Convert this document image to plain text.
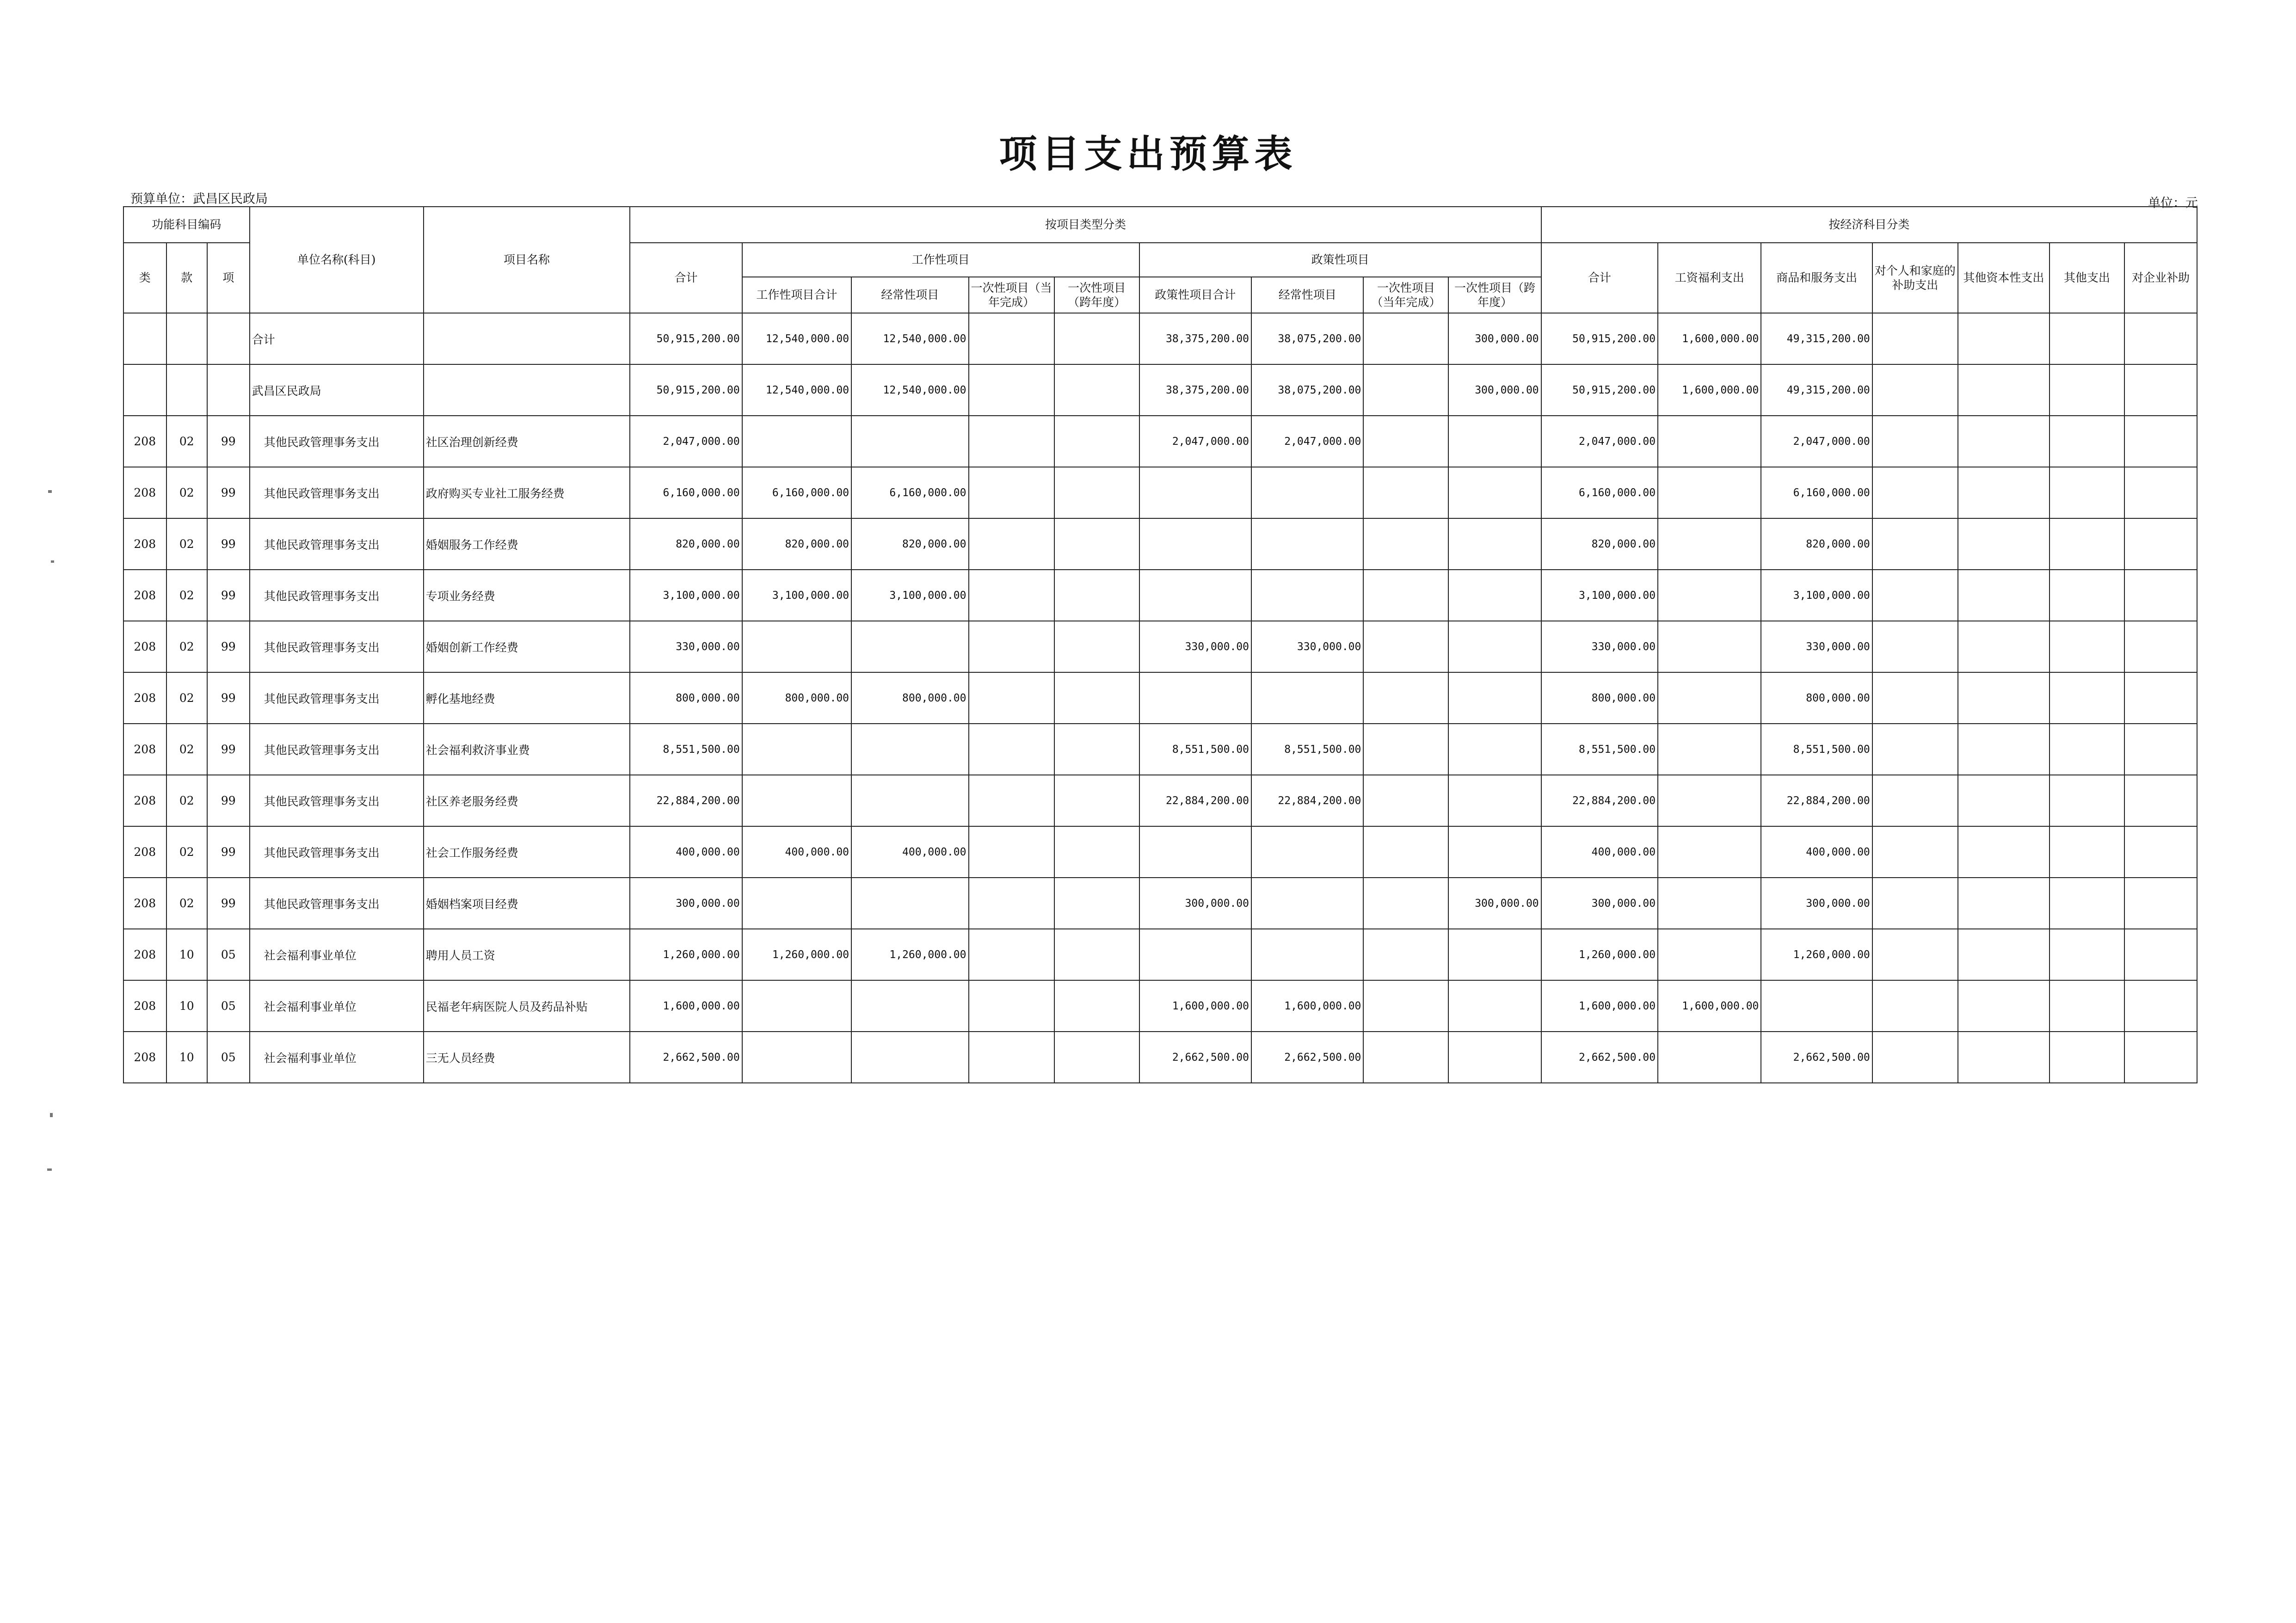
项目支出预算表
预算单位：武昌区民政局	单位：元
功能科目编码			单位名称(科目)	项目名称	按项目类型分类									按经济科目分类						
类	款	项			合计	工作性项目				政策性项目				合计	工资福利支出	商品和服务支出	对个人和家庭的补助支出	其他资本性支出	其他支出	对企业补助
						工作性项目合计	经常性项目	一次性项目（当年完成）	一次性项目（跨年度）	政策性项目合计	经常性项目	一次性项目（当年完成）	一次性项目（跨年度）							
			合计		50,915,200.00	12,540,000.00	12,540,000.00			38,375,200.00	38,075,200.00		300,000.00	50,915,200.00	1,600,000.00	49,315,200.00				
			武昌区民政局		50,915,200.00	12,540,000.00	12,540,000.00			38,375,200.00	38,075,200.00		300,000.00	50,915,200.00	1,600,000.00	49,315,200.00				
208	02	99	其他民政管理事务支出	社区治理创新经费	2,047,000.00					2,047,000.00	2,047,000.00			2,047,000.00		2,047,000.00				
208	02	99	其他民政管理事务支出	政府购买专业社工服务经费	6,160,000.00	6,160,000.00	6,160,000.00							6,160,000.00		6,160,000.00				
208	02	99	其他民政管理事务支出	婚姻服务工作经费	820,000.00	820,000.00	820,000.00							820,000.00		820,000.00				
208	02	99	其他民政管理事务支出	专项业务经费	3,100,000.00	3,100,000.00	3,100,000.00							3,100,000.00		3,100,000.00				
208	02	99	其他民政管理事务支出	婚姻创新工作经费	330,000.00					330,000.00	330,000.00			330,000.00		330,000.00				
208	02	99	其他民政管理事务支出	孵化基地经费	800,000.00	800,000.00	800,000.00							800,000.00		800,000.00				
208	02	99	其他民政管理事务支出	社会福利救济事业费	8,551,500.00					8,551,500.00	8,551,500.00			8,551,500.00		8,551,500.00				
208	02	99	其他民政管理事务支出	社区养老服务经费	22,884,200.00					22,884,200.00	22,884,200.00			22,884,200.00		22,884,200.00				
208	02	99	其他民政管理事务支出	社会工作服务经费	400,000.00	400,000.00	400,000.00							400,000.00		400,000.00				
208	02	99	其他民政管理事务支出	婚姻档案项目经费	300,000.00					300,000.00			300,000.00	300,000.00		300,000.00				
208	10	05	社会福利事业单位	聘用人员工资	1,260,000.00	1,260,000.00	1,260,000.00							1,260,000.00		1,260,000.00				
208	10	05	社会福利事业单位	民福老年病医院人员及药品补贴	1,600,000.00					1,600,000.00	1,600,000.00			1,600,000.00	1,600,000.00					
208	10	05	社会福利事业单位	三无人员经费	2,662,500.00					2,662,500.00	2,662,500.00			2,662,500.00		2,662,500.00				
